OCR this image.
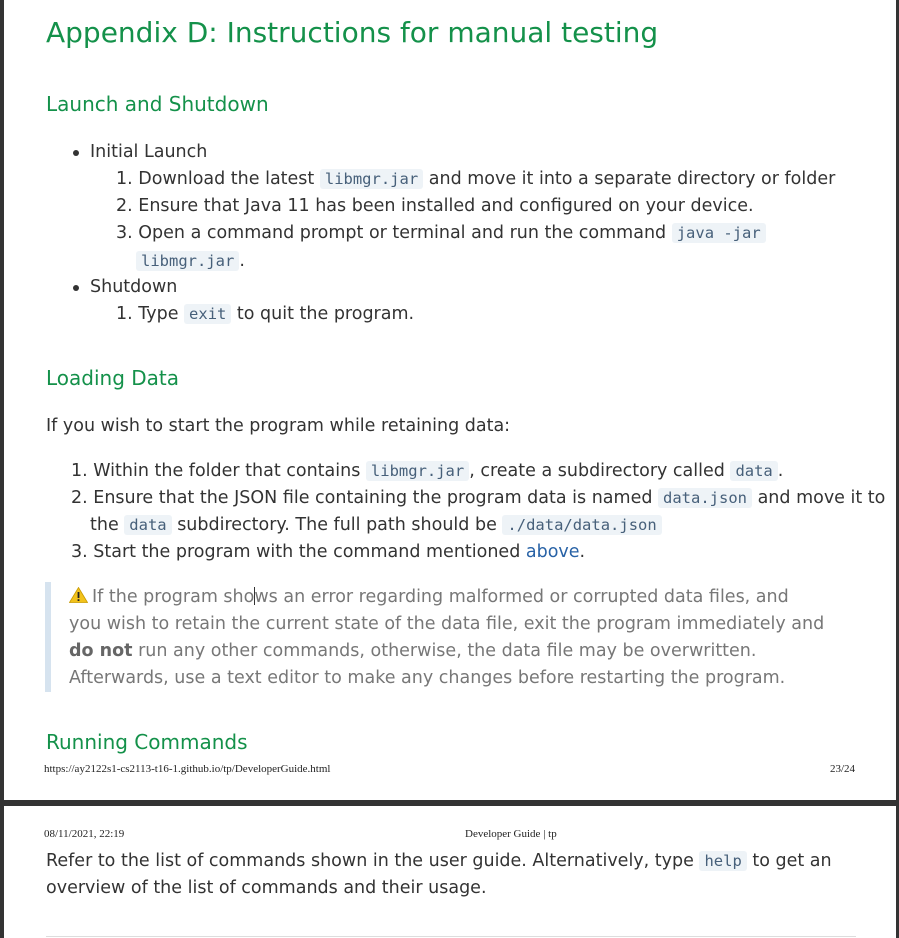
Appendix D: Instructions for manual testing
Launch and Shutdown
Initial Launch
1. Download the latest libmgr.jar and move it into a separate directory or folder
2. Ensure that Java 11 has been installed and configured on your device.
3. Open a command prompt or terminal and run the command java -jar
libmgr.jar .
Shutdown
1. Type exit to quit the program.
Loading Data
If you wish to start the program while retaining data:
1. Within the folder that contains libmgr.jar , create a subdirectory called data .
2. Ensure that the JSON file containing the program data is named data.json and move it to
the data subdirectory. The full path should be ./data/data.json
3. Start the program with the command mentioned above.
If the program shows an error regarding malformed or corrupted data files, and
you wish to retain the current state of the data file, exit the program immediately and
do not run any other commands, otherwise, the data file may be overwritten.
Afterwards, use a text editor to make any changes before restarting the program.
Running Commands
https://ay2122s1-cs2113-t16-1.github.io/tp/DeveloperGuide.html	23/24
08/11/2021, 22:19	Developer Guide | tp
Refer to the list of commands shown in the user guide. Alternatively, type help to get an
overview of the list of commands and their usage.
